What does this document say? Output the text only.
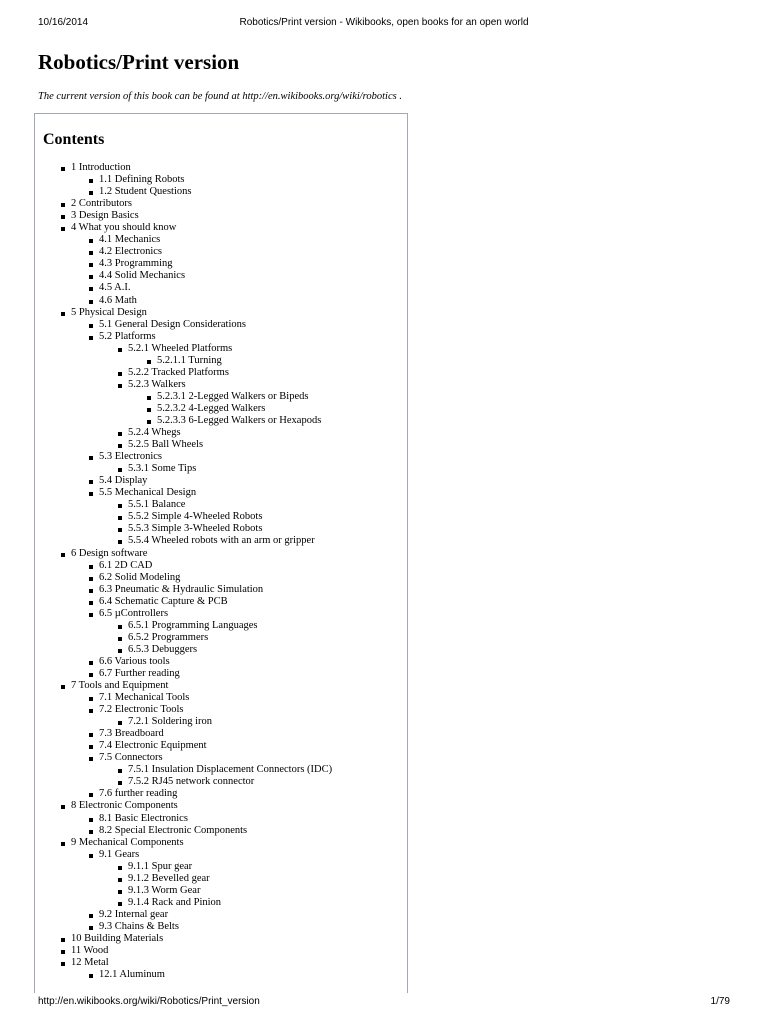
10/16/2014	Robotics/Print version - Wikibooks, open books for an open world
Robotics/Print version

The current version of this book can be found at http://en.wikibooks.org/wiki/robotics .

Contents
1 Introduction
1.1 Defining Robots
1.2 Student Questions
2 Contributors
3 Design Basics
4 What you should know
4.1 Mechanics
4.2 Electronics
4.3 Programming
4.4 Solid Mechanics
4.5 A.I.
4.6 Math
5 Physical Design
5.1 General Design Considerations
5.2 Platforms
5.2.1 Wheeled Platforms
5.2.1.1 Turning
5.2.2 Tracked Platforms
5.2.3 Walkers
5.2.3.1 2-Legged Walkers or Bipeds
5.2.3.2 4-Legged Walkers
5.2.3.3 6-Legged Walkers or Hexapods
5.2.4 Whegs
5.2.5 Ball Wheels
5.3 Electronics
5.3.1 Some Tips
5.4 Display
5.5 Mechanical Design
5.5.1 Balance
5.5.2 Simple 4-Wheeled Robots
5.5.3 Simple 3-Wheeled Robots
5.5.4 Wheeled robots with an arm or gripper
6 Design software
6.1 2D CAD
6.2 Solid Modeling
6.3 Pneumatic & Hydraulic Simulation
6.4 Schematic Capture & PCB
6.5 µControllers
6.5.1 Programming Languages
6.5.2 Programmers
6.5.3 Debuggers
6.6 Various tools
6.7 Further reading
7 Tools and Equipment
7.1 Mechanical Tools
7.2 Electronic Tools
7.2.1 Soldering iron
7.3 Breadboard
7.4 Electronic Equipment
7.5 Connectors
7.5.1 Insulation Displacement Connectors (IDC)
7.5.2 RJ45 network connector
7.6 further reading
8 Electronic Components
8.1 Basic Electronics
8.2 Special Electronic Components
9 Mechanical Components
9.1 Gears
9.1.1 Spur gear
9.1.2 Bevelled gear
9.1.3 Worm Gear
9.1.4 Rack and Pinion
9.2 Internal gear
9.3 Chains & Belts
10 Building Materials
11 Wood
12 Metal
12.1 Aluminum
http://en.wikibooks.org/wiki/Robotics/Print_version	1/79
